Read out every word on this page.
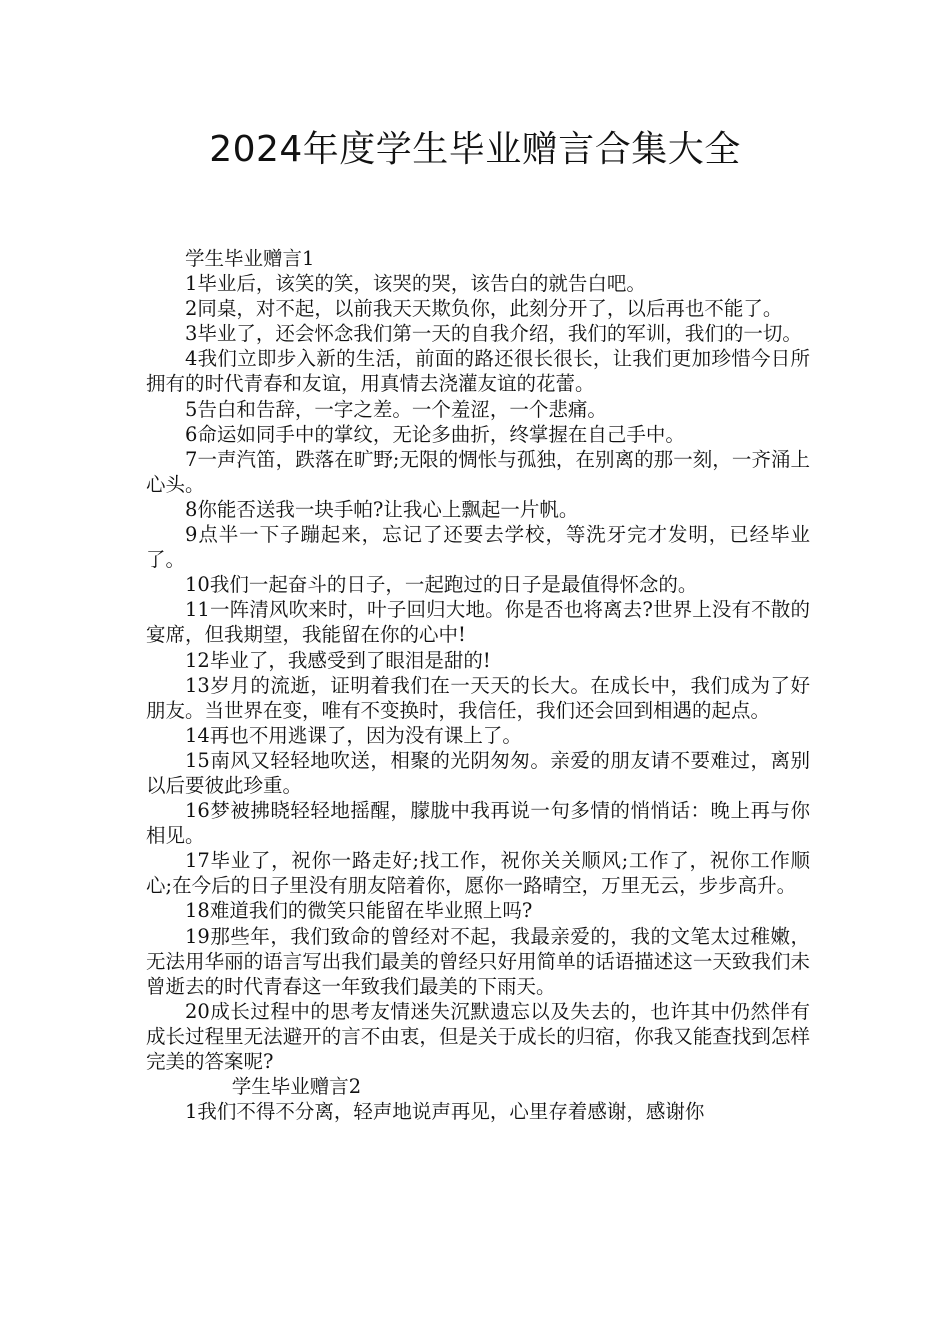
2024年度学生毕业赠言合集大全

学生毕业赠言1

1毕业后，该笑的笑，该哭的哭，该告白的就告白吧。

2同桌，对不起，以前我天天欺负你，此刻分开了，以后再也不能了。

3毕业了，还会怀念我们第一天的自我介绍，我们的军训，我们的一切。

4我们立即步入新的生活，前面的路还很长很长，让我们更加珍惜今日所拥有的时代青春和友谊，用真情去浇灌友谊的花蕾。

5告白和告辞，一字之差。一个羞涩，一个悲痛。

6命运如同手中的掌纹，无论多曲折，终掌握在自己手中。

7一声汽笛，跌落在旷野;无限的惆怅与孤独，在别离的那一刻，一齐涌上心头。

8你能否送我一块手帕?让我心上飘起一片帆。

9点半一下子蹦起来，忘记了还要去学校，等洗牙完才发明，已经毕业了。

10我们一起奋斗的日子，一起跑过的日子是最值得怀念的。

11一阵清风吹来时，叶子回归大地。你是否也将离去?世界上没有不散的宴席，但我期望，我能留在你的心中!

12毕业了，我感受到了眼泪是甜的!

13岁月的流逝，证明着我们在一天天的长大。在成长中，我们成为了好朋友。当世界在变，唯有不变换时，我信任，我们还会回到相遇的起点。

14再也不用逃课了，因为没有课上了。

15南风又轻轻地吹送，相聚的光阴匆匆。亲爱的朋友请不要难过，离别以后要彼此珍重。

16梦被拂晓轻轻地摇醒，朦胧中我再说一句多情的悄悄话：晚上再与你相见。

17毕业了，祝你一路走好;找工作，祝你关关顺风;工作了，祝你工作顺心;在今后的日子里没有朋友陪着你，愿你一路晴空，万里无云，步步高升。

18难道我们的微笑只能留在毕业照上吗?

19那些年，我们致命的曾经对不起，我最亲爱的，我的文笔太过稚嫩，无法用华丽的语言写出我们最美的曾经只好用简单的话语描述这一天致我们未曾逝去的时代青春这一年致我们最美的下雨天。

20成长过程中的思考友情迷失沉默遗忘以及失去的，也许其中仍然伴有成长过程里无法避开的言不由衷，但是关于成长的归宿，你我又能查找到怎样完美的答案呢?

学生毕业赠言2

1我们不得不分离，轻声地说声再见，心里存着感谢，感谢你
